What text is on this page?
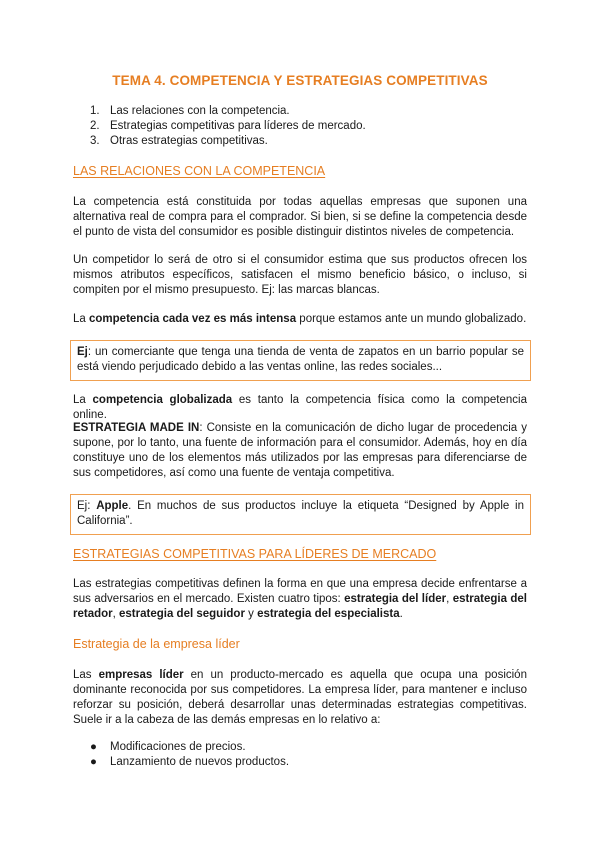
TEMA 4. COMPETENCIA Y ESTRATEGIAS COMPETITIVAS
1. Las relaciones con la competencia.
2. Estrategias competitivas para líderes de mercado.
3. Otras estrategias competitivas.
LAS RELACIONES CON LA COMPETENCIA

La competencia está constituida por todas aquellas empresas que suponen una alternativa real de compra para el comprador. Si bien, si se define la competencia desde el punto de vista del consumidor es posible distinguir distintos niveles de competencia.

Un competidor lo será de otro si el consumidor estima que sus productos ofrecen los mismos atributos específicos, satisfacen el mismo beneficio básico, o incluso, si compiten por el mismo presupuesto. Ej: las marcas blancas.

La competencia cada vez es más intensa porque estamos ante un mundo globalizado.

Ej: un comerciante que tenga una tienda de venta de zapatos en un barrio popular se está viendo perjudicado debido a las ventas online, las redes sociales...

La competencia globalizada es tanto la competencia física como la competencia online.

ESTRATEGIA MADE IN: Consiste en la comunicación de dicho lugar de procedencia y supone, por lo tanto, una fuente de información para el consumidor. Además, hoy en día constituye uno de los elementos más utilizados por las empresas para diferenciarse de sus competidores, así como una fuente de ventaja competitiva.

Ej: Apple. En muchos de sus productos incluye la etiqueta “Designed by Apple in California”.
ESTRATEGIAS COMPETITIVAS PARA LÍDERES DE MERCADO

Las estrategias competitivas definen la forma en que una empresa decide enfrentarse a sus adversarios en el mercado. Existen cuatro tipos: estrategia del líder, estrategia del retador, estrategia del seguidor y estrategia del especialista.

Estrategia de la empresa líder

Las empresas líder en un producto-mercado es aquella que ocupa una posición dominante reconocida por sus competidores. La empresa líder, para mantener e incluso reforzar su posición, deberá desarrollar unas determinadas estrategias competitivas. Suele ir a la cabeza de las demás empresas en lo relativo a:

● Modificaciones de precios.
● Lanzamiento de nuevos productos.
